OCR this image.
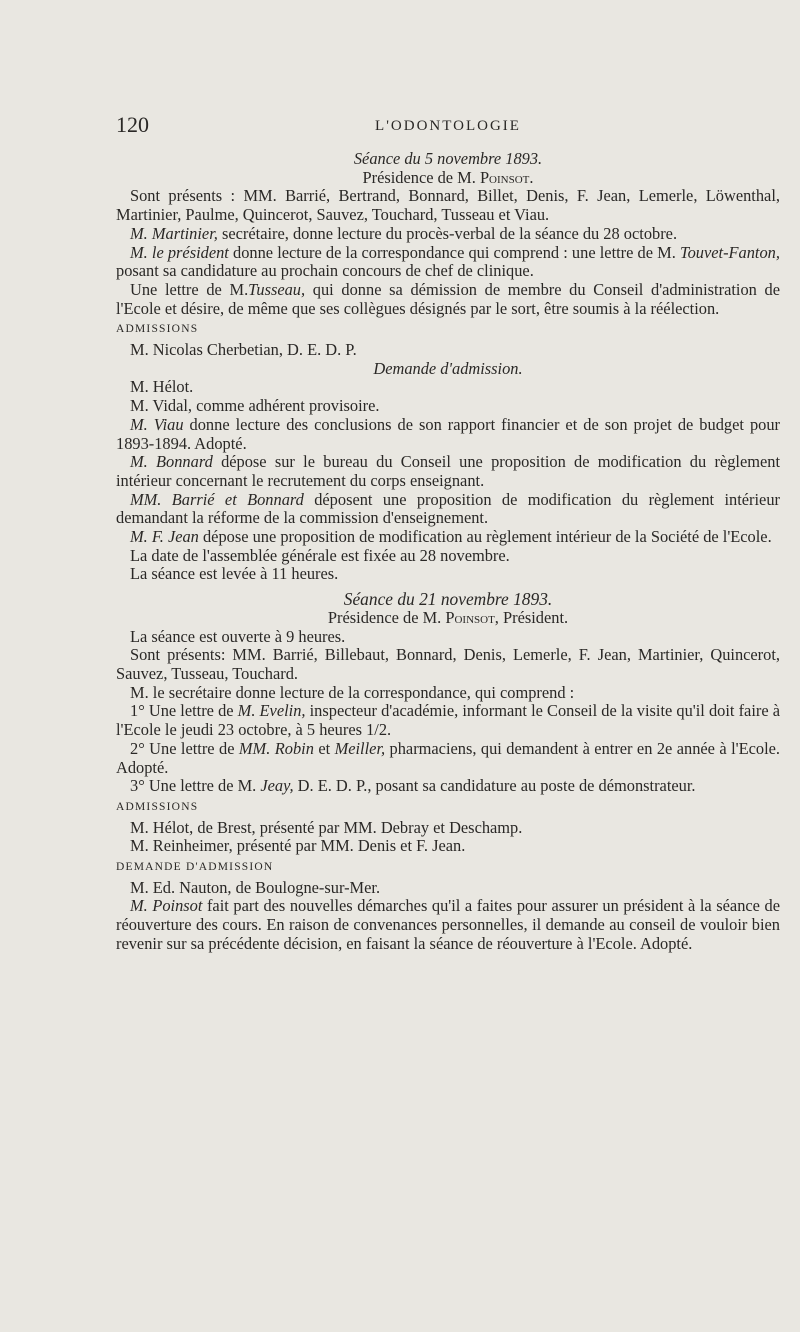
120	L'ODONTOLOGIE

Séance du 5 novembre 1893.

Présidence de M. Poinsot.

Sont présents : MM. Barrié, Bertrand, Bonnard, Billet, Denis, F. Jean, Lemerle, Löwenthal, Martinier, Paulme, Quincerot, Sauvez, Touchard, Tusseau et Viau.

M. Martinier, secrétaire, donne lecture du procès-verbal de la séance du 28 octobre.

M. le président donne lecture de la correspondance qui comprend : une lettre de M. Touvet-Fanton, posant sa candidature au prochain concours de chef de clinique.

Une lettre de M.Tusseau, qui donne sa démission de membre du Conseil d'administration de l'Ecole et désire, de même que ses collègues désignés par le sort, être soumis à la réélection.

ADMISSIONS

M. Nicolas Cherbetian, D. E. D. P.

Demande d'admission.

M. Hélot.

M. Vidal, comme adhérent provisoire.

M. Viau donne lecture des conclusions de son rapport financier et de son projet de budget pour 1893-1894. Adopté.

M. Bonnard dépose sur le bureau du Conseil une proposition de modification du règlement intérieur concernant le recrutement du corps enseignant.

MM. Barrié et Bonnard déposent une proposition de modification du règlement intérieur demandant la réforme de la commission d'enseignement.

M. F. Jean dépose une proposition de modification au règlement intérieur de la Société de l'Ecole.

La date de l'assemblée générale est fixée au 28 novembre.

La séance est levée à 11 heures.

Séance du 21 novembre 1893.

Présidence de M. Poinsot, Président.

La séance est ouverte à 9 heures.

Sont présents: MM. Barrié, Billebaut, Bonnard, Denis, Lemerle, F. Jean, Martinier, Quincerot, Sauvez, Tusseau, Touchard.

M. le secrétaire donne lecture de la correspondance, qui comprend :

1° Une lettre de M. Evelin, inspecteur d'académie, informant le Conseil de la visite qu'il doit faire à l'Ecole le jeudi 23 octobre, à 5 heures 1/2.

2° Une lettre de MM. Robin et Meiller, pharmaciens, qui demandent à entrer en 2e année à l'Ecole. Adopté.

3° Une lettre de M. Jeay, D. E. D. P., posant sa candidature au poste de démonstrateur.

ADMISSIONS

M. Hélot, de Brest, présenté par MM. Debray et Deschamp.

M. Reinheimer, présenté par MM. Denis et F. Jean.

DEMANDE D'ADMISSION

M. Ed. Nauton, de Boulogne-sur-Mer.

M. Poinsot fait part des nouvelles démarches qu'il a faites pour assurer un président à la séance de réouverture des cours. En raison de convenances personnelles, il demande au conseil de vouloir bien revenir sur sa précédente décision, en faisant la séance de réouverture à l'Ecole. Adopté.
